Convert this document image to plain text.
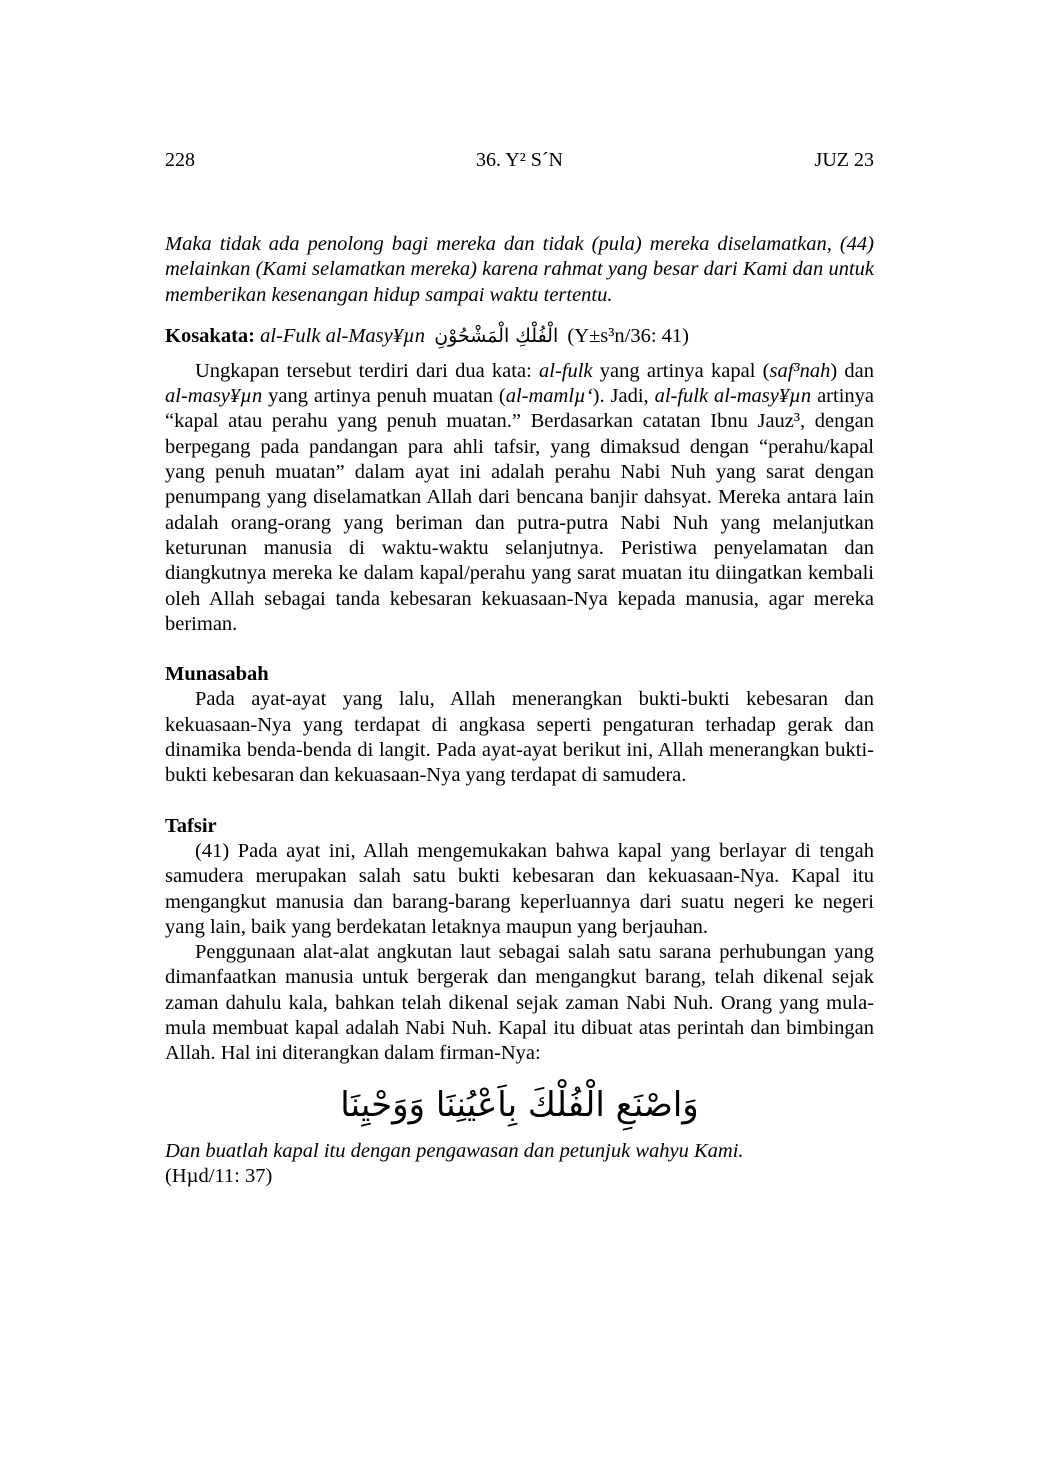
228	36. Y² S´N	JUZ 23

Maka tidak ada penolong bagi mereka dan tidak (pula) mereka diselamatkan, (44) melainkan (Kami selamatkan mereka) karena rahmat yang besar dari Kami dan untuk memberikan kesenangan hidup sampai waktu tertentu.

Kosakata: al-Fulk al-Masy¥µn الْفُلْكِ الْمَشْحُوْنِ (Y±s³n/36: 41)

Ungkapan tersebut terdiri dari dua kata: al-fulk yang artinya kapal (saf³nah) dan al-masy¥µn yang artinya penuh muatan (al-mamlµ‘). Jadi, al-fulk al-masy¥µn artinya “kapal atau perahu yang penuh muatan.” Berdasarkan catatan Ibnu Jauz³, dengan berpegang pada pandangan para ahli tafsir, yang dimaksud dengan “perahu/kapal yang penuh muatan” dalam ayat ini adalah perahu Nabi Nuh yang sarat dengan penumpang yang diselamatkan Allah dari bencana banjir dahsyat. Mereka antara lain adalah orang-orang yang beriman dan putra-putra Nabi Nuh yang melanjutkan keturunan manusia di waktu-waktu selanjutnya. Peristiwa penyelamatan dan diangkutnya mereka ke dalam kapal/perahu yang sarat muatan itu diingatkan kembali oleh Allah sebagai tanda kebesaran kekuasaan-Nya kepada manusia, agar mereka beriman.

Munasabah

Pada ayat-ayat yang lalu, Allah menerangkan bukti-bukti kebesaran dan kekuasaan-Nya yang terdapat di angkasa seperti pengaturan terhadap gerak dan dinamika benda-benda di langit. Pada ayat-ayat berikut ini, Allah menerangkan bukti-bukti kebesaran dan kekuasaan-Nya yang terdapat di samudera.

Tafsir

(41) Pada ayat ini, Allah mengemukakan bahwa kapal yang berlayar di tengah samudera merupakan salah satu bukti kebesaran dan kekuasaan-Nya. Kapal itu mengangkut manusia dan barang-barang keperluannya dari suatu negeri ke negeri yang lain, baik yang berdekatan letaknya maupun yang berjauhan.

Penggunaan alat-alat angkutan laut sebagai salah satu sarana perhubungan yang dimanfaatkan manusia untuk bergerak dan mengangkut barang, telah dikenal sejak zaman dahulu kala, bahkan telah dikenal sejak zaman Nabi Nuh. Orang yang mula-mula membuat kapal adalah Nabi Nuh. Kapal itu dibuat atas perintah dan bimbingan Allah. Hal ini diterangkan dalam firman-Nya:

وَاصْنَعِ الْفُلْكَ بِاَعْيُنِنَا وَوَحْيِنَا

Dan buatlah kapal itu dengan pengawasan dan petunjuk wahyu Kami.

(Hµd/11: 37)
